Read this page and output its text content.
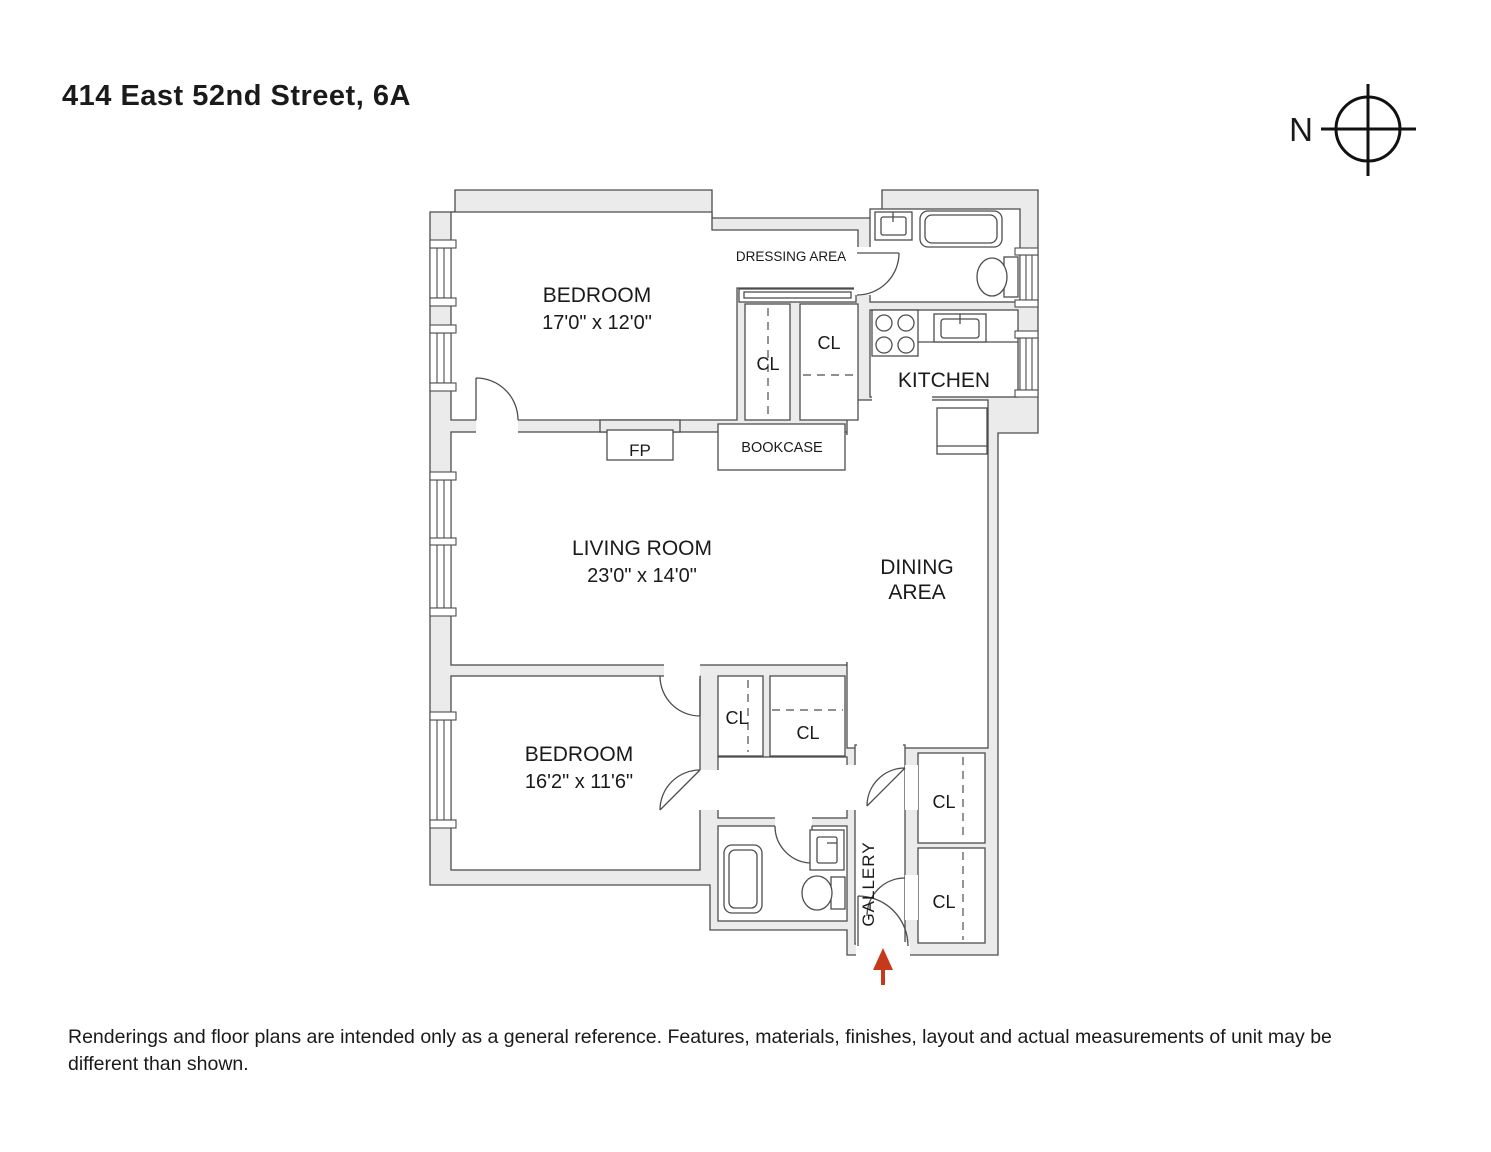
414 East 52nd Street, 6A
N
BEDROOM
17'0" x 12'0"
DRESSING AREA
CL
CL
KITCHEN
BOOKCASE
FP
LIVING ROOM
23'0" x 14'0"	DINING
AREA
BEDROOM
16'2" x 11'6"
CL
CL
CL
CL
GALLERY
Renderings and floor plans are intended only as a general reference. Features, materials, finishes, layout and actual measurements of unit may be
different than shown.
